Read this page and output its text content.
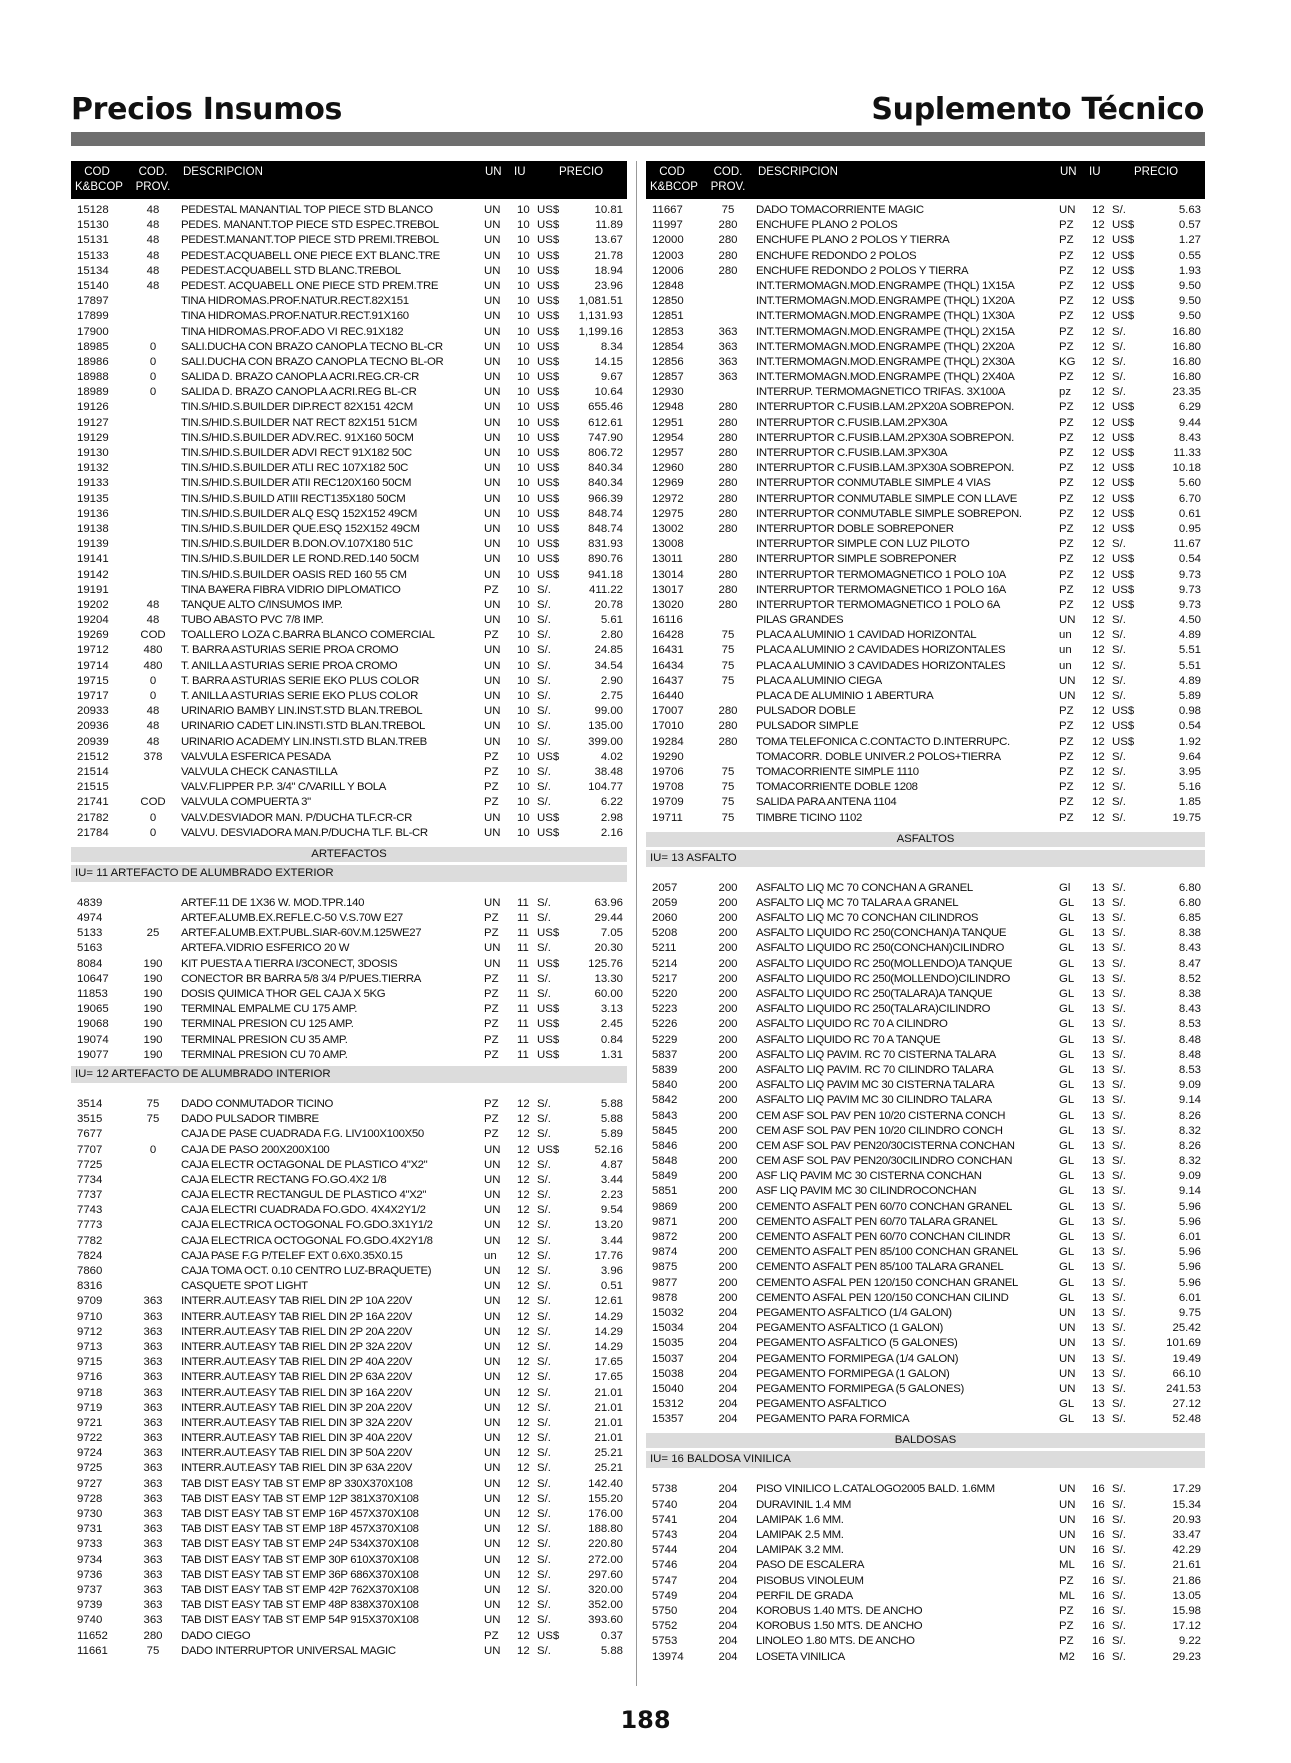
Precios Insumos	Suplemento Técnico
COD
K&BCOP
COD.
PROV.
DESCRIPCION	UN IU	PRECIO
15128	48	PEDESTAL MANANTIAL TOP PIECE STD BLANCO	UN 10 US$	10.81
15130	48	PEDES. MANANT.TOP PIECE STD ESPEC.TREBOL	UN 10 US$	11.89
15131	48	PEDEST.MANANT.TOP PIECE STD PREMI.TREBOL	UN 10 US$	13.67
15133	48	PEDEST.ACQUABELL ONE PIECE EXT BLANC.TRE	UN 10 US$	21.78
15134	48	PEDEST.ACQUABELL STD BLANC.TREBOL	UN 10 US$	18.94
15140	48	PEDEST. ACQUABELL ONE PIECE STD PREM.TRE	UN 10 US$	23.96
17897	TINA HIDROMAS.PROF.NATUR.RECT.82X151	UN 10 US$ 1,081.51
17899	TINA HIDROMAS.PROF.NATUR.RECT.91X160	UN 10 US$ 1,131.93
17900	TINA HIDROMAS.PROF.ADO VI REC.91X182	UN 10 US$ 1,199.16
18985	0	SALI.DUCHA CON BRAZO CANOPLA TECNO BL-CR	UN 10 US$	8.34
18986	0	SALI.DUCHA CON BRAZO CANOPLA TECNO BL-OR	UN 10 US$	14.15
18988	0	SALIDA D. BRAZO CANOPLA ACRI.REG.CR-CR	UN 10 US$	9.67
18989	0	SALIDA D. BRAZO CANOPLA ACRI.REG BL-CR	UN 10 US$	10.64
19126	TIN.S/HID.S.BUILDER DIP.RECT 82X151 42CM	UN 10 US$	655.46
19127	TIN.S/HID.S.BUILDER NAT RECT 82X151 51CM	UN 10 US$	612.61
19129	TIN.S/HID.S.BUILDER ADV.REC. 91X160 50CM	UN 10 US$	747.90
19130	TIN.S/HID.S.BUILDER ADVI RECT 91X182 50C	UN 10 US$	806.72
19132	TIN.S/HID.S.BUILDER ATLI REC 107X182 50C	UN 10 US$	840.34
19133	TIN.S/HID.S.BUILDER ATII REC120X160 50CM	UN 10 US$	840.34
19135	TIN.S/HID.S.BUILD ATIII RECT135X180 50CM	UN 10 US$	966.39
19136	TIN.S/HID.S.BUILDER ALQ ESQ 152X152 49CM	UN 10 US$	848.74
19138	TIN.S/HID.S.BUILDER QUE.ESQ 152X152 49CM	UN 10 US$	848.74
19139	TIN.S/HID.S.BUILDER B.DON.OV.107X180 51C	UN 10 US$	831.93
19141	TIN.S/HID.S.BUILDER LE ROND.RED.140 50CM	UN 10 US$	890.76
19142	TIN.S/HID.S.BUILDER OASIS RED 160 55 CM	UN 10 US$	941.18
19191	TINA BA¥ERA FIBRA VIDRIO DIPLOMATICO	PZ 10 S/.	411.22
19202	48	TANQUE ALTO C/INSUMOS IMP.	UN 10 S/.	20.78
19204	48	TUBO ABASTO PVC 7/8 IMP.	UN 10 S/.	5.61
19269	COD	TOALLERO LOZA C.BARRA BLANCO COMERCIAL	PZ 10 S/.	2.80
19712	480	T. BARRA ASTURIAS SERIE PROA CROMO	UN 10 S/.	24.85
19714	480	T. ANILLA ASTURIAS SERIE PROA CROMO	UN 10 S/.	34.54
19715	0	T. BARRA ASTURIAS SERIE EKO PLUS COLOR	UN 10 S/.	2.90
19717	0	T. ANILLA ASTURIAS SERIE EKO PLUS COLOR	UN 10 S/.	2.75
20933	48	URINARIO BAMBY LIN.INST.STD BLAN.TREBOL	UN 10 S/.	99.00
20936	48	URINARIO CADET LIN.INSTI.STD BLAN.TREBOL	UN 10 S/.	135.00
20939	48	URINARIO ACADEMY LIN.INSTI.STD BLAN.TREB	UN 10 S/.	399.00
21512	378	VALVULA ESFERICA PESADA	PZ 10 US$	4.02
21514	VALVULA CHECK CANASTILLA	PZ 10 S/.	38.48
21515	VALV.FLIPPER P.P. 3/4" C/VARILL Y BOLA	PZ 10 S/.	104.77
21741	COD	VALVULA COMPUERTA 3"	PZ 10 S/.	6.22
21782	0	VALV.DESVIADOR MAN. P/DUCHA TLF.CR-CR	UN 10 US$	2.98
21784	0	VALVU. DESVIADORA MAN.P/DUCHA TLF. BL-CR	UN 10 US$	2.16
ARTEFACTOS
IU= 11 ARTEFACTO DE ALUMBRADO EXTERIOR
4839	ARTEF.11 DE 1X36 W. MOD.TPR.140	UN 11 S/.	63.96
4974	ARTEF.ALUMB.EX.REFLE.C-50 V.S.70W E27	PZ 11 S/.	29.44
5133	25	ARTEF.ALUMB.EXT.PUBL.SIAR-60V.M.125WE27	PZ 11 US$	7.05
5163	ARTEFA.VIDRIO ESFERICO 20 W	UN 11 S/.	20.30
8084	190	KIT PUESTA A TIERRA I/3CONECT, 3DOSIS	UN 11 US$	125.76
10647	190	CONECTOR BR BARRA 5/8 3/4 P/PUES.TIERRA	PZ 11 S/.	13.30
11853	190	DOSIS QUIMICA THOR GEL CAJA X 5KG	PZ 11 S/.	60.00
19065	190	TERMINAL EMPALME CU 175 AMP.	PZ 11 US$	3.13
19068	190	TERMINAL PRESION CU 125 AMP.	PZ 11 US$	2.45
19074	190	TERMINAL PRESION CU 35 AMP.	PZ 11 US$	0.84
19077	190	TERMINAL PRESION CU 70 AMP.	PZ 11 US$	1.31
IU= 12 ARTEFACTO DE ALUMBRADO INTERIOR
3514	75	DADO CONMUTADOR TICINO	PZ 12 S/.	5.88
3515	75	DADO PULSADOR TIMBRE	PZ 12 S/.	5.88
7677	CAJA DE PASE CUADRADA F.G. LIV100X100X50	PZ 12 S/.	5.89
7707	0	CAJA DE PASO 200X200X100	UN 12 US$	52.16
7725	CAJA ELECTR OCTAGONAL DE PLASTICO 4"X2"	UN 12 S/.	4.87
7734	CAJA ELECTR RECTANG FO.GO.4X2 1/8	UN 12 S/.	3.44
7737	CAJA ELECTR RECTANGUL DE PLASTICO 4"X2"	UN 12 S/.	2.23
7743	CAJA ELECTRI CUADRADA FO.GDO. 4X4X2Y1/2	UN 12 S/.	9.54
7773	CAJA ELECTRICA OCTOGONAL FO.GDO.3X1Y1/2	UN 12 S/.	13.20
7782	CAJA ELECTRICA OCTOGONAL FO.GDO.4X2Y1/8	UN 12 S/.	3.44
7824	CAJA PASE F.G P/TELEF EXT 0.6X0.35X0.15	un 12 S/.	17.76
7860	CAJA TOMA OCT. 0.10 CENTRO LUZ-BRAQUETE)	UN 12 S/.	3.96
8316	CASQUETE SPOT LIGHT	UN 12 S/.	0.51
9709	363	INTERR.AUT.EASY TAB RIEL DIN 2P 10A 220V	UN 12 S/.	12.61
9710	363	INTERR.AUT.EASY TAB RIEL DIN 2P 16A 220V	UN 12 S/.	14.29
9712	363	INTERR.AUT.EASY TAB RIEL DIN 2P 20A 220V	UN 12 S/.	14.29
9713	363	INTERR.AUT.EASY TAB RIEL DIN 2P 32A 220V	UN 12 S/.	14.29
9715	363	INTERR.AUT.EASY TAB RIEL DIN 2P 40A 220V	UN 12 S/.	17.65
9716	363	INTERR.AUT.EASY TAB RIEL DIN 2P 63A 220V	UN 12 S/.	17.65
9718	363	INTERR.AUT.EASY TAB RIEL DIN 3P 16A 220V	UN 12 S/.	21.01
9719	363	INTERR.AUT.EASY TAB RIEL DIN 3P 20A 220V	UN 12 S/.	21.01
9721	363	INTERR.AUT.EASY TAB RIEL DIN 3P 32A 220V	UN 12 S/.	21.01
9722	363	INTERR.AUT.EASY TAB RIEL DIN 3P 40A 220V	UN 12 S/.	21.01
9724	363	INTERR.AUT.EASY TAB RIEL DIN 3P 50A 220V	UN 12 S/.	25.21
9725	363	INTERR.AUT.EASY TAB RIEL DIN 3P 63A 220V	UN 12 S/.	25.21
9727	363	TAB DIST EASY TAB ST EMP 8P 330X370X108	UN 12 S/.	142.40
9728	363	TAB DIST EASY TAB ST EMP 12P 381X370X108	UN 12 S/.	155.20
9730	363	TAB DIST EASY TAB ST EMP 16P 457X370X108	UN 12 S/.	176.00
9731	363	TAB DIST EASY TAB ST EMP 18P 457X370X108	UN 12 S/.	188.80
9733	363	TAB DIST EASY TAB ST EMP 24P 534X370X108	UN 12 S/.	220.80
9734	363	TAB DIST EASY TAB ST EMP 30P 610X370X108	UN 12 S/.	272.00
9736	363	TAB DIST EASY TAB ST EMP 36P 686X370X108	UN 12 S/.	297.60
9737	363	TAB DIST EASY TAB ST EMP 42P 762X370X108	UN 12 S/.	320.00
9739	363	TAB DIST EASY TAB ST EMP 48P 838X370X108	UN 12 S/.	352.00
9740	363	TAB DIST EASY TAB ST EMP 54P 915X370X108	UN 12 S/.	393.60
11652	280	DADO CIEGO	PZ 12 US$	0.37
11661	75	DADO INTERRUPTOR UNIVERSAL MAGIC	UN 12 S/.	5.88
COD
K&BCOP
COD.
PROV.
DESCRIPCION	UN IU	PRECIO
11667	75	DADO TOMACORRIENTE MAGIC	UN 12 S/.	5.63
11997	280	ENCHUFE PLANO 2 POLOS	PZ 12 US$	0.57
12000	280	ENCHUFE PLANO 2 POLOS Y TIERRA	PZ 12 US$	1.27
12003	280	ENCHUFE REDONDO 2 POLOS	PZ 12 US$	0.55
12006	280	ENCHUFE REDONDO 2 POLOS Y TIERRA	PZ 12 US$	1.93
12848	INT.TERMOMAGN.MOD.ENGRAMPE (THQL) 1X15A	PZ 12 US$	9.50
12850	INT.TERMOMAGN.MOD.ENGRAMPE (THQL) 1X20A	PZ 12 US$	9.50
12851	INT.TERMOMAGN.MOD.ENGRAMPE (THQL) 1X30A	PZ 12 US$	9.50
12853	363	INT.TERMOMAGN.MOD.ENGRAMPE (THQL) 2X15A	PZ 12 S/.	16.80
12854	363	INT.TERMOMAGN.MOD.ENGRAMPE (THQL) 2X20A	PZ 12 S/.	16.80
12856	363	INT.TERMOMAGN.MOD.ENGRAMPE (THQL) 2X30A	KG 12 S/.	16.80
12857	363	INT.TERMOMAGN.MOD.ENGRAMPE (THQL) 2X40A	PZ 12 S/.	16.80
12930	INTERRUP. TERMOMAGNETICO TRIFAS. 3X100A	pz 12 S/.	23.35
12948	280	INTERRUPTOR C.FUSIB.LAM.2PX20A SOBREPON.	PZ 12 US$	6.29
12951	280	INTERRUPTOR C.FUSIB.LAM.2PX30A	PZ 12 US$	9.44
12954	280	INTERRUPTOR C.FUSIB.LAM.2PX30A SOBREPON.	PZ 12 US$	8.43
12957	280	INTERRUPTOR C.FUSIB.LAM.3PX30A	PZ 12 US$	11.33
12960	280	INTERRUPTOR C.FUSIB.LAM.3PX30A SOBREPON.	PZ 12 US$	10.18
12969	280	INTERRUPTOR CONMUTABLE SIMPLE 4 VIAS	PZ 12 US$	5.60
12972	280	INTERRUPTOR CONMUTABLE SIMPLE CON LLAVE	PZ 12 US$	6.70
12975	280	INTERRUPTOR CONMUTABLE SIMPLE SOBREPON.	PZ 12 US$	0.61
13002	280	INTERRUPTOR DOBLE SOBREPONER	PZ 12 US$	0.95
13008	INTERRUPTOR SIMPLE CON LUZ PILOTO	PZ 12 S/.	11.67
13011	280	INTERRUPTOR SIMPLE SOBREPONER	PZ 12 US$	0.54
13014	280	INTERRUPTOR TERMOMAGNETICO 1 POLO 10A	PZ 12 US$	9.73
13017	280	INTERRUPTOR TERMOMAGNETICO 1 POLO 16A	PZ 12 US$	9.73
13020	280	INTERRUPTOR TERMOMAGNETICO 1 POLO 6A	PZ 12 US$	9.73
16116	PILAS GRANDES	UN 12 S/.	4.50
16428	75	PLACA ALUMINIO 1 CAVIDAD HORIZONTAL	un 12 S/.	4.89
16431	75	PLACA ALUMINIO 2 CAVIDADES HORIZONTALES	un 12 S/.	5.51
16434	75	PLACA ALUMINIO 3 CAVIDADES HORIZONTALES	un 12 S/.	5.51
16437	75	PLACA ALUMINIO CIEGA	UN 12 S/.	4.89
16440	PLACA DE ALUMINIO 1 ABERTURA	UN 12 S/.	5.89
17007	280	PULSADOR DOBLE	PZ 12 US$	0.98
17010	280	PULSADOR SIMPLE	PZ 12 US$	0.54
19284	280	TOMA TELEFONICA C.CONTACTO D.INTERRUPC.	PZ 12 US$	1.92
19290	TOMACORR. DOBLE UNIVER.2 POLOS+TIERRA	PZ 12 S/.	9.64
19706	75	TOMACORRIENTE SIMPLE 1110	PZ 12 S/.	3.95
19708	75	TOMACORRIENTE DOBLE 1208	PZ 12 S/.	5.16
19709	75	SALIDA PARA ANTENA 1104	PZ 12 S/.	1.85
19711	75	TIMBRE TICINO 1102	PZ 12 S/.	19.75
ASFALTOS
IU= 13 ASFALTO
2057	200	ASFALTO LIQ MC 70 CONCHAN A GRANEL	Gl 13 S/.	6.80
2059	200	ASFALTO LIQ MC 70 TALARA A GRANEL	GL 13 S/.	6.80
2060	200	ASFALTO LIQ MC 70 CONCHAN CILINDROS	GL 13 S/.	6.85
5208	200	ASFALTO LIQUIDO RC 250(CONCHAN)A TANQUE	GL 13 S/.	8.38
5211	200	ASFALTO LIQUIDO RC 250(CONCHAN)CILINDRO	GL 13 S/.	8.43
5214	200	ASFALTO LIQUIDO RC 250(MOLLENDO)A TANQUE	GL 13 S/.	8.47
5217	200	ASFALTO LIQUIDO RC 250(MOLLENDO)CILINDRO	GL 13 S/.	8.52
5220	200	ASFALTO LIQUIDO RC 250(TALARA)A TANQUE	GL 13 S/.	8.38
5223	200	ASFALTO LIQUIDO RC 250(TALARA)CILINDRO	GL 13 S/.	8.43
5226	200	ASFALTO LIQUIDO RC 70 A CILINDRO	GL 13 S/.	8.53
5229	200	ASFALTO LIQUIDO RC 70 A TANQUE	GL 13 S/.	8.48
5837	200	ASFALTO LIQ PAVIM. RC 70 CISTERNA TALARA	GL 13 S/.	8.48
5839	200	ASFALTO LIQ PAVIM. RC 70 CILINDRO TALARA	GL 13 S/.	8.53
5840	200	ASFALTO LIQ PAVIM MC 30 CISTERNA TALARA	GL 13 S/.	9.09
5842	200	ASFALTO LIQ PAVIM MC 30 CILINDRO TALARA	GL 13 S/.	9.14
5843	200	CEM ASF SOL PAV PEN 10/20 CISTERNA CONCH	GL 13 S/.	8.26
5845	200	CEM ASF SOL PAV PEN 10/20 CILINDRO CONCH	GL 13 S/.	8.32
5846	200	CEM ASF SOL PAV PEN20/30CISTERNA CONCHAN	GL 13 S/.	8.26
5848	200	CEM ASF SOL PAV PEN20/30CILINDRO CONCHAN	GL 13 S/.	8.32
5849	200	ASF LIQ PAVIM MC 30 CISTERNA CONCHAN	GL 13 S/.	9.09
5851	200	ASF LIQ PAVIM MC 30 CILINDROCONCHAN	GL 13 S/.	9.14
9869	200	CEMENTO ASFALT PEN 60/70 CONCHAN GRANEL	GL 13 S/.	5.96
9871	200	CEMENTO ASFALT PEN 60/70 TALARA GRANEL	GL 13 S/.	5.96
9872	200	CEMENTO ASFALT PEN 60/70 CONCHAN CILINDR	GL 13 S/.	6.01
9874	200	CEMENTO ASFALT PEN 85/100 CONCHAN GRANEL	GL 13 S/.	5.96
9875	200	CEMENTO ASFALT PEN 85/100 TALARA GRANEL	GL 13 S/.	5.96
9877	200	CEMENTO ASFAL PEN 120/150 CONCHAN GRANEL	GL 13 S/.	5.96
9878	200	CEMENTO ASFAL PEN 120/150 CONCHAN CILIND	GL 13 S/.	6.01
15032	204	PEGAMENTO ASFALTICO (1/4 GALON)	UN 13 S/.	9.75
15034	204	PEGAMENTO ASFALTICO (1 GALON)	UN 13 S/.	25.42
15035	204	PEGAMENTO ASFALTICO (5 GALONES)	UN 13 S/.	101.69
15037	204	PEGAMENTO FORMIPEGA (1/4 GALON)	UN 13 S/.	19.49
15038	204	PEGAMENTO FORMIPEGA (1 GALON)	UN 13 S/.	66.10
15040	204	PEGAMENTO FORMIPEGA (5 GALONES)	UN 13 S/.	241.53
15312	204	PEGAMENTO ASFALTICO	GL 13 S/.	27.12
15357	204	PEGAMENTO PARA FORMICA	GL 13 S/.	52.48
BALDOSAS
IU= 16 BALDOSA VINILICA
5738	204	PISO VINILICO L.CATALOGO2005 BALD. 1.6MM	UN 16 S/.	17.29
5740	204	DURAVINIL 1.4 MM	UN 16 S/.	15.34
5741	204	LAMIPAK 1.6 MM.	UN 16 S/.	20.93
5743	204	LAMIPAK 2.5 MM.	UN 16 S/.	33.47
5744	204	LAMIPAK 3.2 MM.	UN 16 S/.	42.29
5746	204	PASO DE ESCALERA	ML 16 S/.	21.61
5747	204	PISOBUS VINOLEUM	PZ 16 S/.	21.86
5749	204	PERFIL DE GRADA	ML 16 S/.	13.05
5750	204	KOROBUS 1.40 MTS. DE ANCHO	PZ 16 S/.	15.98
5752	204	KOROBUS 1.50 MTS. DE ANCHO	PZ 16 S/.	17.12
5753	204	LINOLEO 1.80 MTS. DE ANCHO	PZ 16 S/.	9.22
13974	204	LOSETA VINILICA	M2 16 S/.	29.23
188
